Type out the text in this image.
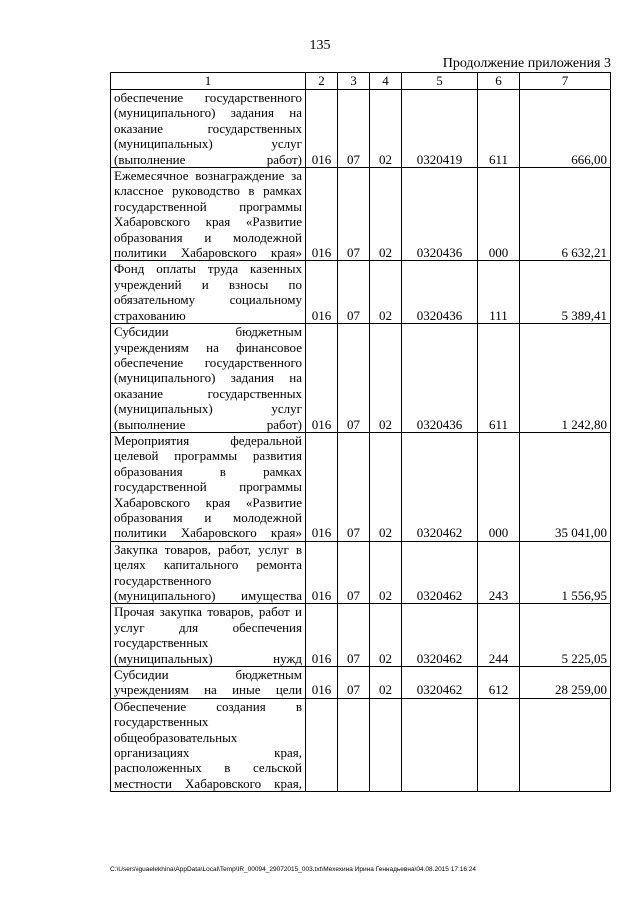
135
Продолжение приложения 3
1	2	3	4	5	6	7
обеспечение государственного (муниципального) задания на оказание государственных (муниципальных) услуг (выполнение работ)	016	07	02	0320419	611	666,00
Ежемесячное вознаграждение за классное руководство в рамках государственной программы Хабаровского края «Развитие образования и молодежной политики Хабаровского края»	016	07	02	0320436	000	6 632,21
Фонд оплаты труда казенных учреждений и взносы по обязательному социальному страхованию	016	07	02	0320436	111	5 389,41
Субсидии бюджетным учреждениям на финансовое обеспечение государственного (муниципального) задания на оказание государственных (муниципальных) услуг (выполнение работ)	016	07	02	0320436	611	1 242,80
Мероприятия федеральной целевой программы развития образования в рамках государственной программы Хабаровского края «Развитие образования и молодежной политики Хабаровского края»	016	07	02	0320462	000	35 041,00
Закупка товаров, работ, услуг в целях капитального ремонта государственного (муниципального) имущества	016	07	02	0320462	243	1 556,95
Прочая закупка товаров, работ и услуг для обеспечения государственных (муниципальных) нужд	016	07	02	0320462	244	5 225,05
Субсидии бюджетным учреждениям на иные цели	016	07	02	0320462	612	28 259,00
Обеспечение создания в государственных общеобразовательных организациях края, расположенных в сельской местности Хабаровского края,						
C:\Users\iguaelekhina\AppData\Local\Temp\IR_00094_29072015_003.txt\Мехехина Ирина Геннадьевна\04.08.2015 17:16:24
